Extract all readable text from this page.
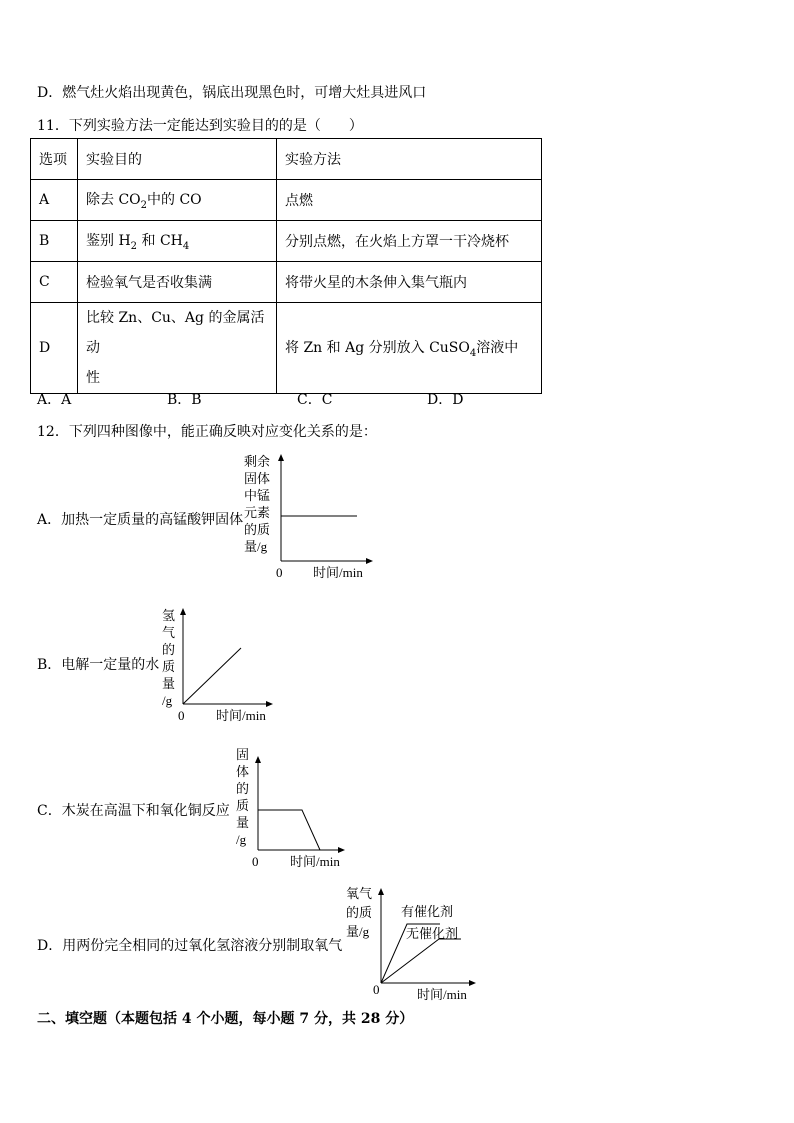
D．燃气灶火焰出现黄色，锅底出现黑色时，可增大灶具进风口
11．下列实验方法一定能达到实验目的的是（　　）
选项	实验目的	实验方法
A	除去 $CO_2$中的 CO	点燃
B	鉴别 $H_2$ 和 $CH_4$	分别点燃，在火焰上方罩一干冷烧杯
C	检验氧气是否收集满	将带火星的木条伸入集气瓶内
D	比较 Zn、Cu、Ag 的金属活动
性	将 Zn 和 Ag 分别放入 CuSO$_4$溶液中
A．A	B．B	C．C	D．D
12．下列四种图像中，能正确反映对应变化关系的是：
A．加热一定质量的高锰酸钾固体
剩余
固体
中锰
元素
的质
量/g
0 时间/min
B．电解一定量的水
氢
气
的
质
量
/g
0 时间/min
C．木炭在高温下和氧化铜反应
固
体
的
质
量
/g
0 时间/min
D．用两份完全相同的过氧化氢溶液分别制取氧气
氧气
的质
量/g
有催化剂
无催化剂
0	时间/min
二、填空题（本题包括 4 个小题，每小题 7 分，共 28 分）
